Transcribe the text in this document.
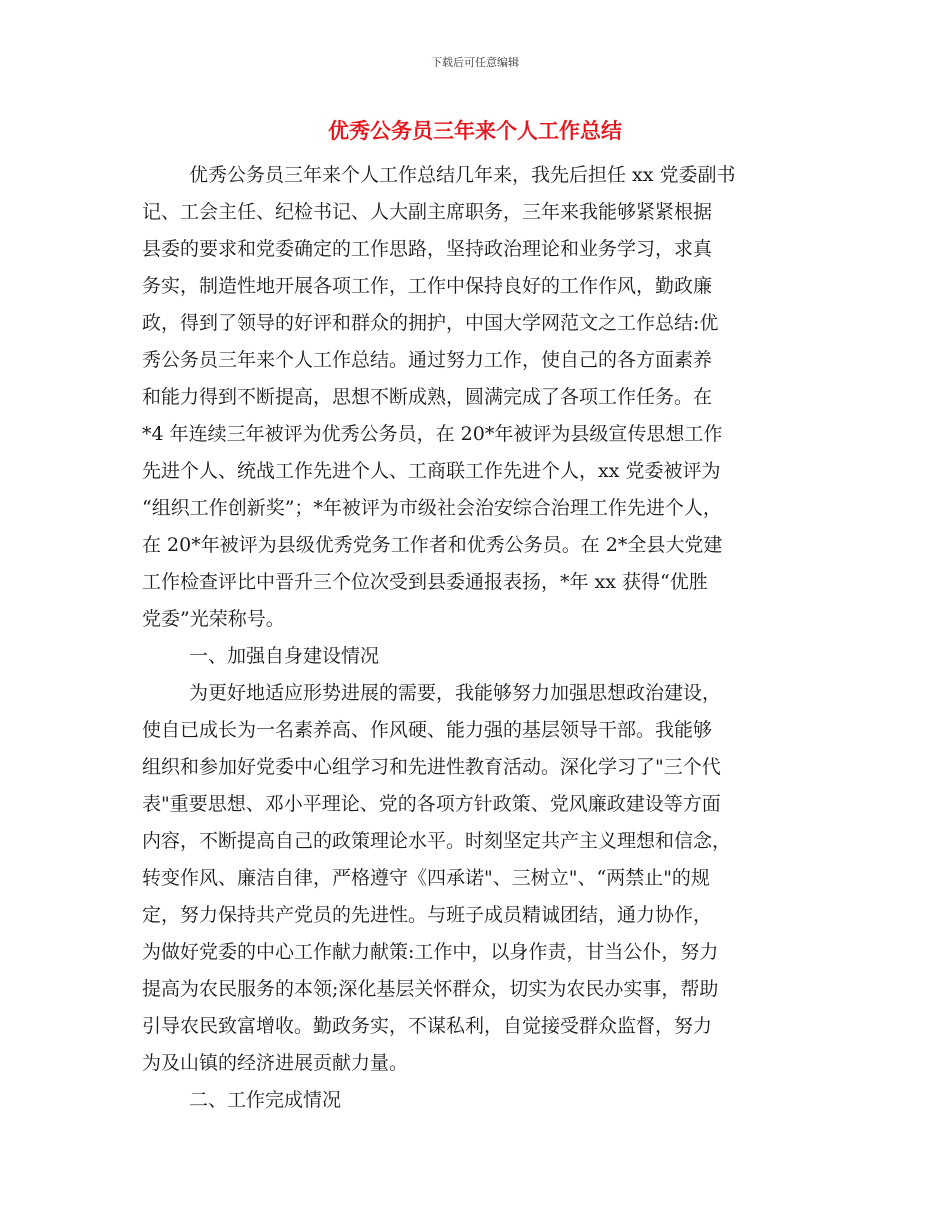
下载后可任意编辑
优秀公务员三年来个人工作总结
优秀公务员三年来个人工作总结几年来，我先后担任 xx 党委副书
记、工会主任、纪检书记、人大副主席职务，三年来我能够紧紧根据
县委的要求和党委确定的工作思路，坚持政治理论和业务学习，求真
务实，制造性地开展各项工作，工作中保持良好的工作作风，勤政廉
政，得到了领导的好评和群众的拥护，中国大学网范文之工作总结:优
秀公务员三年来个人工作总结。通过努力工作，使自己的各方面素养
和能力得到不断提高，思想不断成熟，圆满完成了各项工作任务。在
*4 年连续三年被评为优秀公务员，在 20*年被评为县级宣传思想工作
先进个人、统战工作先进个人、工商联工作先进个人，xx 党委被评为
“组织工作创新奖”；*年被评为市级社会治安综合治理工作先进个人，
在 20*年被评为县级优秀党务工作者和优秀公务员。在 2*全县大党建
工作检查评比中晋升三个位次受到县委通报表扬，*年 xx 获得“优胜
党委”光荣称号。
一、加强自身建设情况
为更好地适应形势进展的需要，我能够努力加强思想政治建设，
使自已成长为一名素养高、作风硬、能力强的基层领导干部。我能够
组织和参加好党委中心组学习和先进性教育活动。深化学习了"三个代
表"重要思想、邓小平理论、党的各项方针政策、党风廉政建设等方面
内容，不断提高自己的政策理论水平。时刻坚定共产主义理想和信念，
转变作风、廉洁自律，严格遵守《四承诺"、三树立"、“两禁止"的规
定，努力保持共产党员的先进性。与班子成员精诚团结，通力协作，
为做好党委的中心工作献力献策:工作中，以身作责，甘当公仆，努力
提高为农民服务的本领;深化基层关怀群众，切实为农民办实事，帮助
引导农民致富增收。勤政务实，不谋私利，自觉接受群众监督，努力
为及山镇的经济进展贡献力量。
二、工作完成情况
